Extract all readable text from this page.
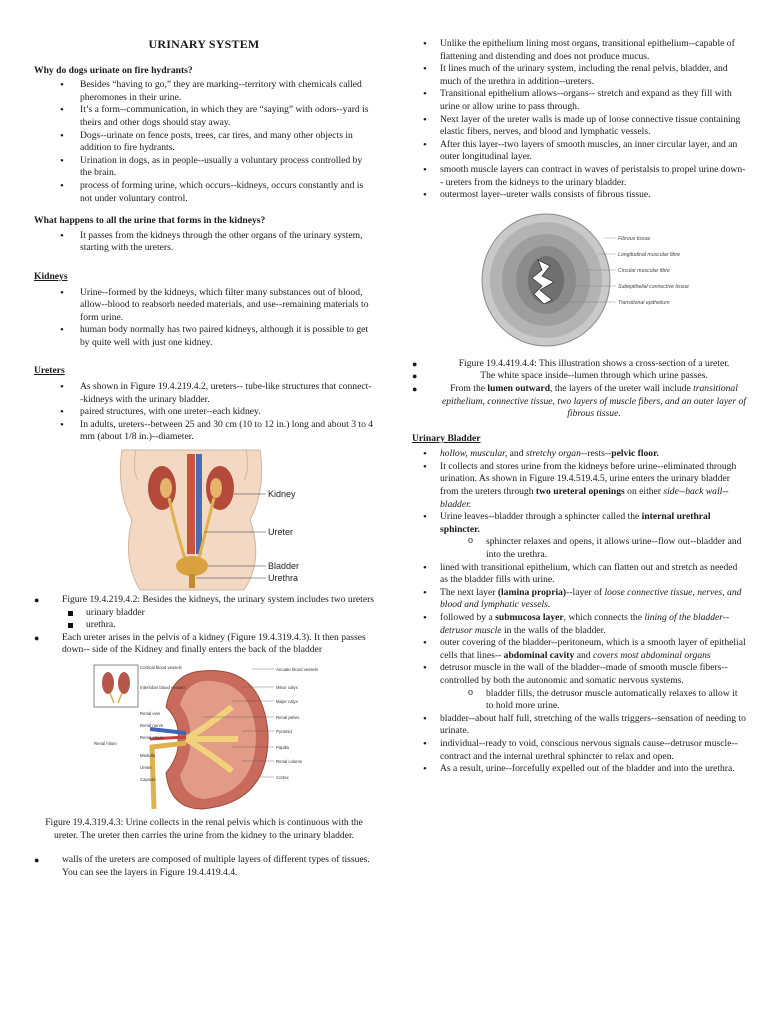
URINARY SYSTEM
Why do dogs urinate on fire hydrants?
• Besides “having to go,” they are marking--territory with chemicals called pheromones in their urine.
• It’s a form--communication, in which they are “saying” with odors--yard is theirs and other dogs should stay away.
• Dogs--urinate on fence posts, trees, car tires, and many other objects in addition to fire hydrants.
• Urination in dogs, as in people--usually a voluntary process controlled by the brain.
• process of forming urine, which occurs--kidneys, occurs constantly and is not under voluntary control.
What happens to all the urine that forms in the kidneys?
• It passes from the kidneys through the other organs of the urinary system, starting with the ureters.
Kidneys
• Urine--formed by the kidneys, which filter many substances out of blood, allow--blood to reabsorb needed materials, and use--remaining materials to form urine.
• human body normally has two paired kidneys, although it is possible to get by quite well with just one kidney.
Ureters
• As shown in Figure 19.4.219.4.2, ureters-- tube-like structures that connect--kidneys with the urinary bladder.
• paired structures, with one ureter--each kidney.
• In adults, ureters--between 25 and 30 cm (10 to 12 in.) long and about 3 to 4 mm (about 1/8 in.)--diameter.
Kidney
Ureter
Bladder
Urethra
● Figure 19.4.219.4.2: Besides the kidneys, the urinary system includes two ureters
urinary bladder
urethra.
● Each ureter arises in the pelvis of a kidney (Figure 19.4.319.4.3). It then passes down-- side of the Kidney and finally enters the back of the bladder
Cortical blood vessels
Interlobar blood vessels
Renal vein
Renal nerve
Renal artery
Renal hilum
Medulla
Ureter
Capsule
Arcuate blood vessels
Minor calyx
Major calyx
Renal pelvis
Pyramid
Papilla
Renal column
Cortex
Figure 19.4.319.4.3: Urine collects in the renal pelvis which is continuous with the ureter. The ureter then carries the urine from the kidney to the urinary bladder.
● walls of the ureters are composed of multiple layers of different types of tissues. You can see the layers in Figure 19.4.419.4.4.
• Unlike the epithelium lining most organs, transitional epithelium--capable of flattening and distending and does not produce mucus.
• It lines much of the urinary system, including the renal pelvis, bladder, and much of the urethra in addition--ureters.
• Transitional epithelium allows--organs-- stretch and expand as they fill with urine or allow urine to pass through.
• Next layer of the ureter walls is made up of loose connective tissue containing elastic fibers, nerves, and blood and lymphatic vessels.
• After this layer--two layers of smooth muscles, an inner circular layer, and an outer longitudinal layer.
• smooth muscle layers can contract in waves of peristalsis to propel urine down-- ureters from the kidneys to the urinary bladder.
• outermost layer--ureter walls consists of fibrous tissue.
Fibrous tissue
Longitudinal muscular fibre
Circular muscular fibre
Subepithelial connective tissue
Transitional epithelium
● Figure 19.4.419.4.4: This illustration shows a cross-section of a ureter.
● The white space inside--lumen through which urine passes.
● From the lumen outward, the layers of the ureter wall include transitional epithelium, connective tissue, two layers of muscle fibers, and an outer layer of fibrous tissue.
Urinary Bladder
• hollow, muscular, and stretchy organ--rests--pelvic floor.
• It collects and stores urine from the kidneys before urine--eliminated through urination. As shown in Figure 19.4.519.4.5, urine enters the urinary bladder from the ureters through two ureteral openings on either side--back wall--bladder.
• Urine leaves--bladder through a sphincter called the internal urethral sphincter.
o sphincter relaxes and opens, it allows urine--flow out--bladder and into the urethra.
• lined with transitional epithelium, which can flatten out and stretch as needed as the bladder fills with urine.
• The next layer (lamina propria)--layer of loose connective tissue, nerves, and blood and lymphatic vessels.
• followed by a submucosa layer, which connects the lining of the bladder--detrusor muscle in the walls of the bladder.
• outer covering of the bladder--peritoneum, which is a smooth layer of epithelial cells that lines-- abdominal cavity and covers most abdominal organs
• detrusor muscle in the wall of the bladder--made of smooth muscle fibers--controlled by both the autonomic and somatic nervous systems.
o bladder fills, the detrusor muscle automatically relaxes to allow it to hold more urine.
• bladder--about half full, stretching of the walls triggers--sensation of needing to urinate.
• individual--ready to void, conscious nervous signals cause--detrusor muscle--contract and the internal urethral sphincter to relax and open.
• As a result, urine--forcefully expelled out of the bladder and into the urethra.
